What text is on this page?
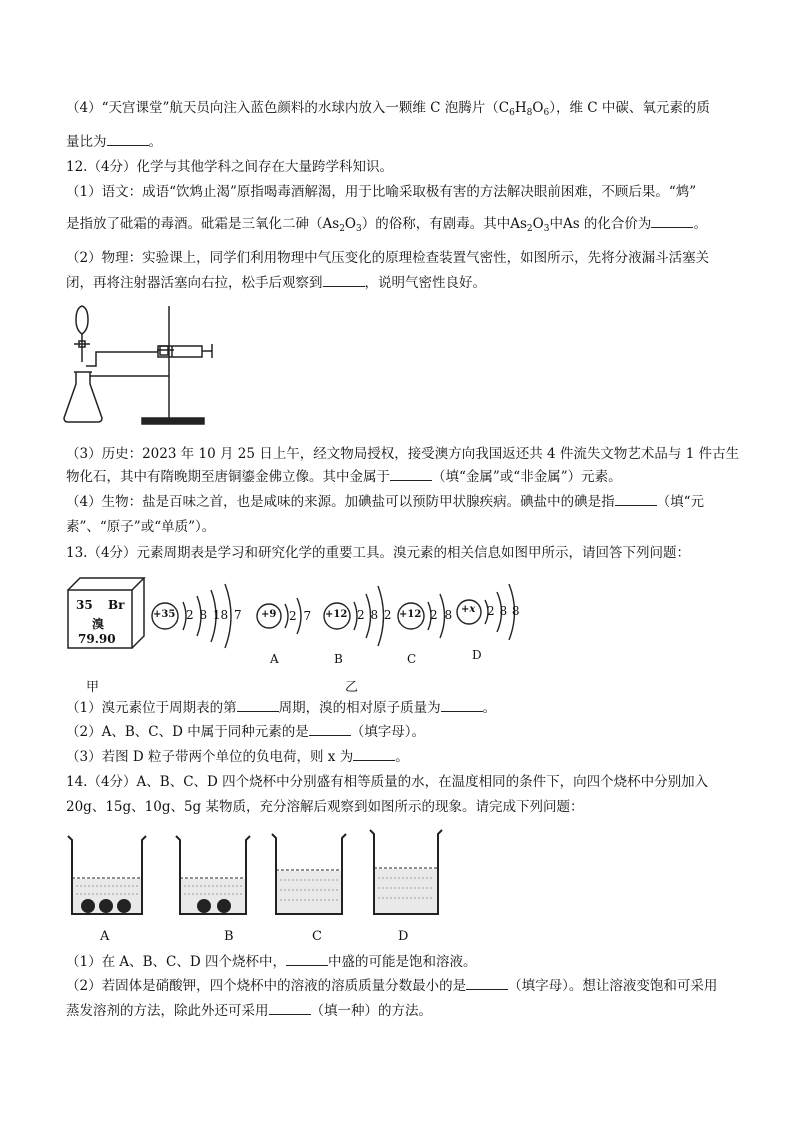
（4）“天宫课堂”航天员向注入蓝色颜料的水球内放入一颗维 C 泡腾片$(C_6H_8O_6)$，维 C 中碳、氧元素的质
量比为	。
12.（4分）化学与其他学科之间存在大量跨学科知识。
（1）语文：成语“饮鸩止渴”原指喝毒酒解渴，用于比喻采取极有害的方法解决眼前困难，不顾后果。“鸩”
是指放了砒霜的毒酒。砒霜是三氧化二砷$(As_2O_3)$的俗称，有剧毒。其中$As_2O_3$中As 的化合价为	。
（2）物理：实验课上，同学们利用物理中气压变化的原理检查装置气密性，如图所示，先将分液漏斗活塞关
闭，再将注射器活塞向右拉，松手后观察到	，说明气密性良好。
（3）历史：2023 年 10 月 25 日上午，经文物局授权，接受澳方向我国返还共 4 件流失文物艺术品与 1 件古生
物化石，其中有隋晚期至唐铜鎏金佛立像。其中金属于	（填“金属”或“非金属”）元素。
（4）生物：盐是百味之首，也是咸味的来源。加碘盐可以预防甲状腺疾病。碘盐中的碘是指	（填“元
素”、“原子”或“单质”）。
13.（4分）元素周期表是学习和研究化学的重要工具。溴元素的相关信息如图甲所示，请回答下列问题：
35 Br
溴
79.90
+35 2 8 18 7 +9 2 7
A
+12 2 8 2
B
+12 2 8
C
+x 2 8 8
D
甲	乙
（1）溴元素位于周期表的第	周期，溴的相对原子质量为	。
（2）A、B、C、D 中属于同种元素的是	（填字母）。
（3）若图 D 粒子带两个单位的负电荷，则 x 为	。
14.（4分）A、B、C、D 四个烧杯中分别盛有相等质量的水，在温度相同的条件下，向四个烧杯中分别加入
20g、15g、10g、5g 某物质，充分溶解后观察到如图所示的现象。请完成下列问题：
A	B	C	D
（1）在 A、B、C、D 四个烧杯中，	中盛的可能是饱和溶液。
（2）若固体是硝酸钾，四个烧杯中的溶液的溶质质量分数最小的是	（填字母）。想让溶液变饱和可采用
蒸发溶剂的方法，除此外还可采用	（填一种）的方法。
